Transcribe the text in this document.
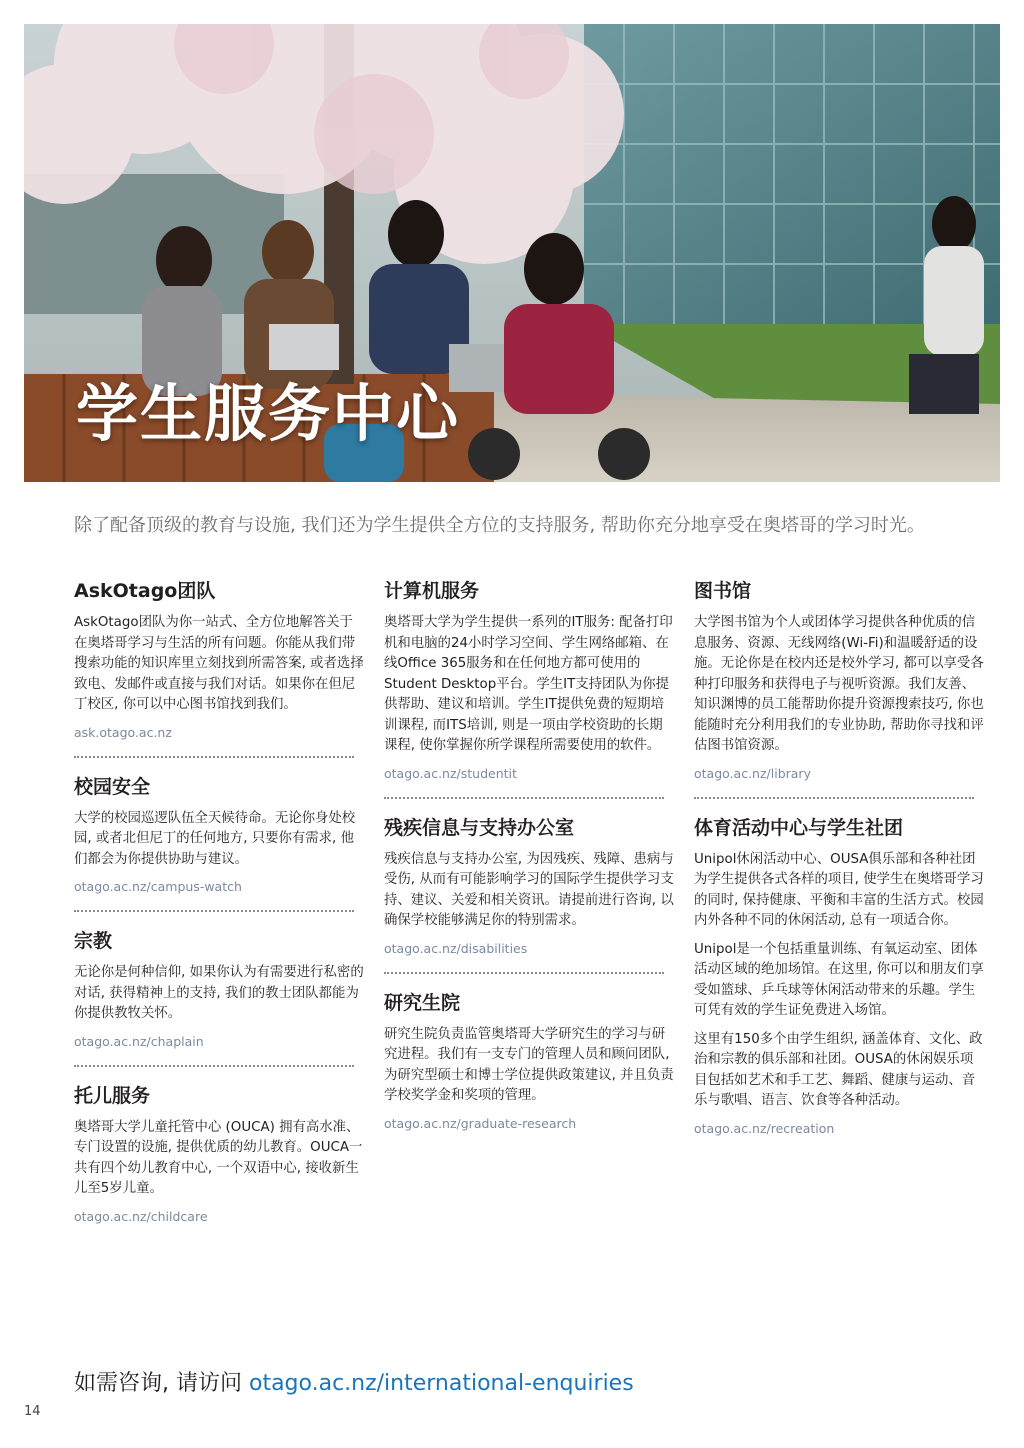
学生服务中心
除了配备顶级的教育与设施, 我们还为学生提供全方位的支持服务, 帮助你充分地享受在奥塔哥的学习时光。
AskOtago团队

AskOtago团队为你一站式、全方位地解答关于在奥塔哥学习与生活的所有问题。你能从我们带搜索功能的知识库里立刻找到所需答案, 或者选择致电、发邮件或直接与我们对话。如果你在但尼丁校区, 你可以中心图书馆找到我们。

ask.otago.ac.nz
校园安全

大学的校园巡逻队伍全天候待命。无论你身处校园, 或者北但尼丁的任何地方, 只要你有需求, 他们都会为你提供协助与建议。

otago.ac.nz/campus-watch
宗教

无论你是何种信仰, 如果你认为有需要进行私密的对话, 获得精神上的支持, 我们的教士团队都能为你提供教牧关怀。

otago.ac.nz/chaplain
托儿服务

奥塔哥大学儿童托管中心 (OUCA) 拥有高水准、专门设置的设施, 提供优质的幼儿教育。OUCA一共有四个幼儿教育中心, 一个双语中心, 接收新生儿至5岁儿童。

otago.ac.nz/childcare
计算机服务

奥塔哥大学为学生提供一系列的IT服务: 配备打印机和电脑的24小时学习空间、学生网络邮箱、在线Office 365服务和在任何地方都可使用的Student Desktop平台。学生IT支持团队为你提供帮助、建议和培训。学生IT提供免费的短期培训课程, 而ITS培训, 则是一项由学校资助的长期课程, 使你掌握你所学课程所需要使用的软件。

otago.ac.nz/studentit
残疾信息与支持办公室

残疾信息与支持办公室, 为因残疾、残障、患病与受伤, 从而有可能影响学习的国际学生提供学习支持、建议、关爱和相关资讯。请提前进行咨询, 以确保学校能够满足你的特别需求。

otago.ac.nz/disabilities
研究生院

研究生院负责监管奥塔哥大学研究生的学习与研究进程。我们有一支专门的管理人员和顾问团队, 为研究型硕士和博士学位提供政策建议, 并且负责学校奖学金和奖项的管理。

otago.ac.nz/graduate-research
图书馆

大学图书馆为个人或团体学习提供各种优质的信息服务、资源、无线网络(Wi-Fi)和温暖舒适的设施。无论你是在校内还是校外学习, 都可以享受各种打印服务和获得电子与视听资源。我们友善、知识渊博的员工能帮助你提升资源搜索技巧, 你也能随时充分利用我们的专业协助, 帮助你寻找和评估图书馆资源。

otago.ac.nz/library
体育活动中心与学生社团

Unipol休闲活动中心、OUSA俱乐部和各种社团为学生提供各式各样的项目, 使学生在奥塔哥学习的同时, 保持健康、平衡和丰富的生活方式。校园内外各种不同的休闲活动, 总有一项适合你。

Unipol是一个包括重量训练、有氧运动室、团体活动区域的绝加场馆。在这里, 你可以和朋友们享受如篮球、乒乓球等休闲活动带来的乐趣。学生可凭有效的学生证免费进入场馆。

这里有150多个由学生组织, 涵盖体育、文化、政治和宗教的俱乐部和社团。OUSA的休闲娱乐项目包括如艺术和手工艺、舞蹈、健康与运动、音乐与歌唱、语言、饮食等各种活动。

otago.ac.nz/recreation
如需咨询, 请访问 otago.ac.nz/international-enquiries
14
